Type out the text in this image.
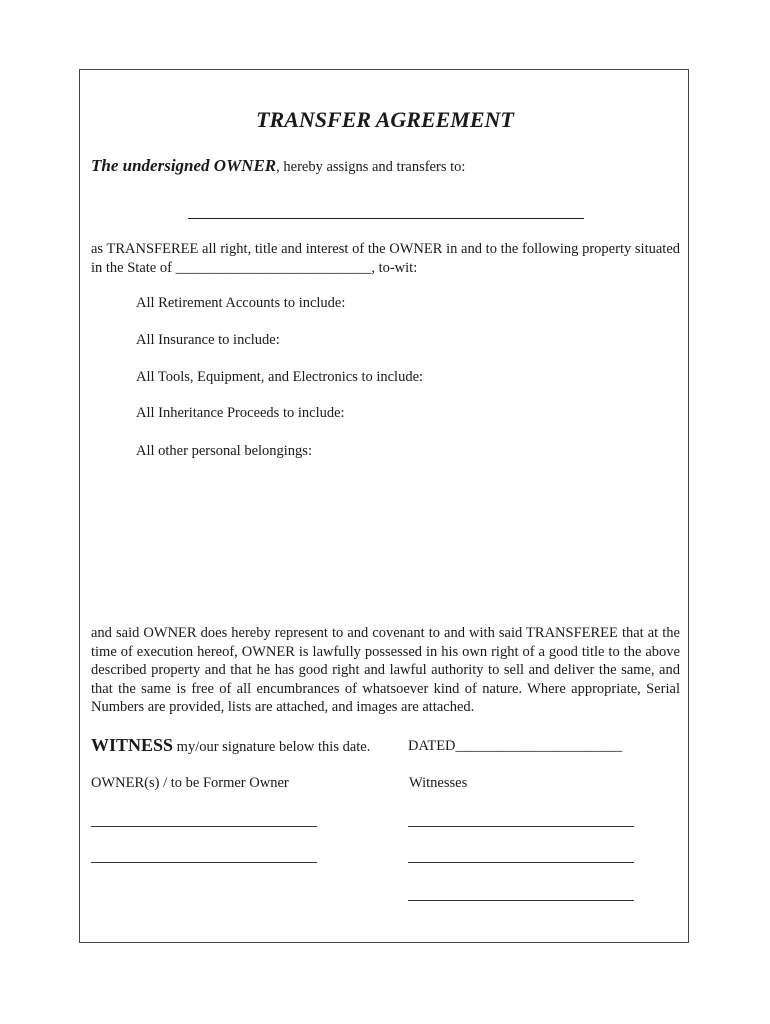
TRANSFER AGREEMENT
The undersigned OWNER, hereby assigns and transfers to:
as TRANSFEREE all right, title and interest of the OWNER in and to the following property situated in the State of ___________________________, to-wit:
All Retirement Accounts to include:
All Insurance to include:
All Tools, Equipment, and Electronics to include:
All Inheritance Proceeds to include:
All other personal belongings:
and said OWNER does hereby represent to and covenant to and with said TRANSFEREE that at the time of execution hereof, OWNER is lawfully possessed in his own right of a good title to the above described property and that he has good right and lawful authority to sell and deliver the same, and that the same is free of all encumbrances of whatsoever kind of nature. Where appropriate, Serial Numbers are provided, lists are attached, and images are attached.
WITNESS my/our signature below this date.	DATED_______________________
OWNER(s) / to be Former Owner	Witnesses
